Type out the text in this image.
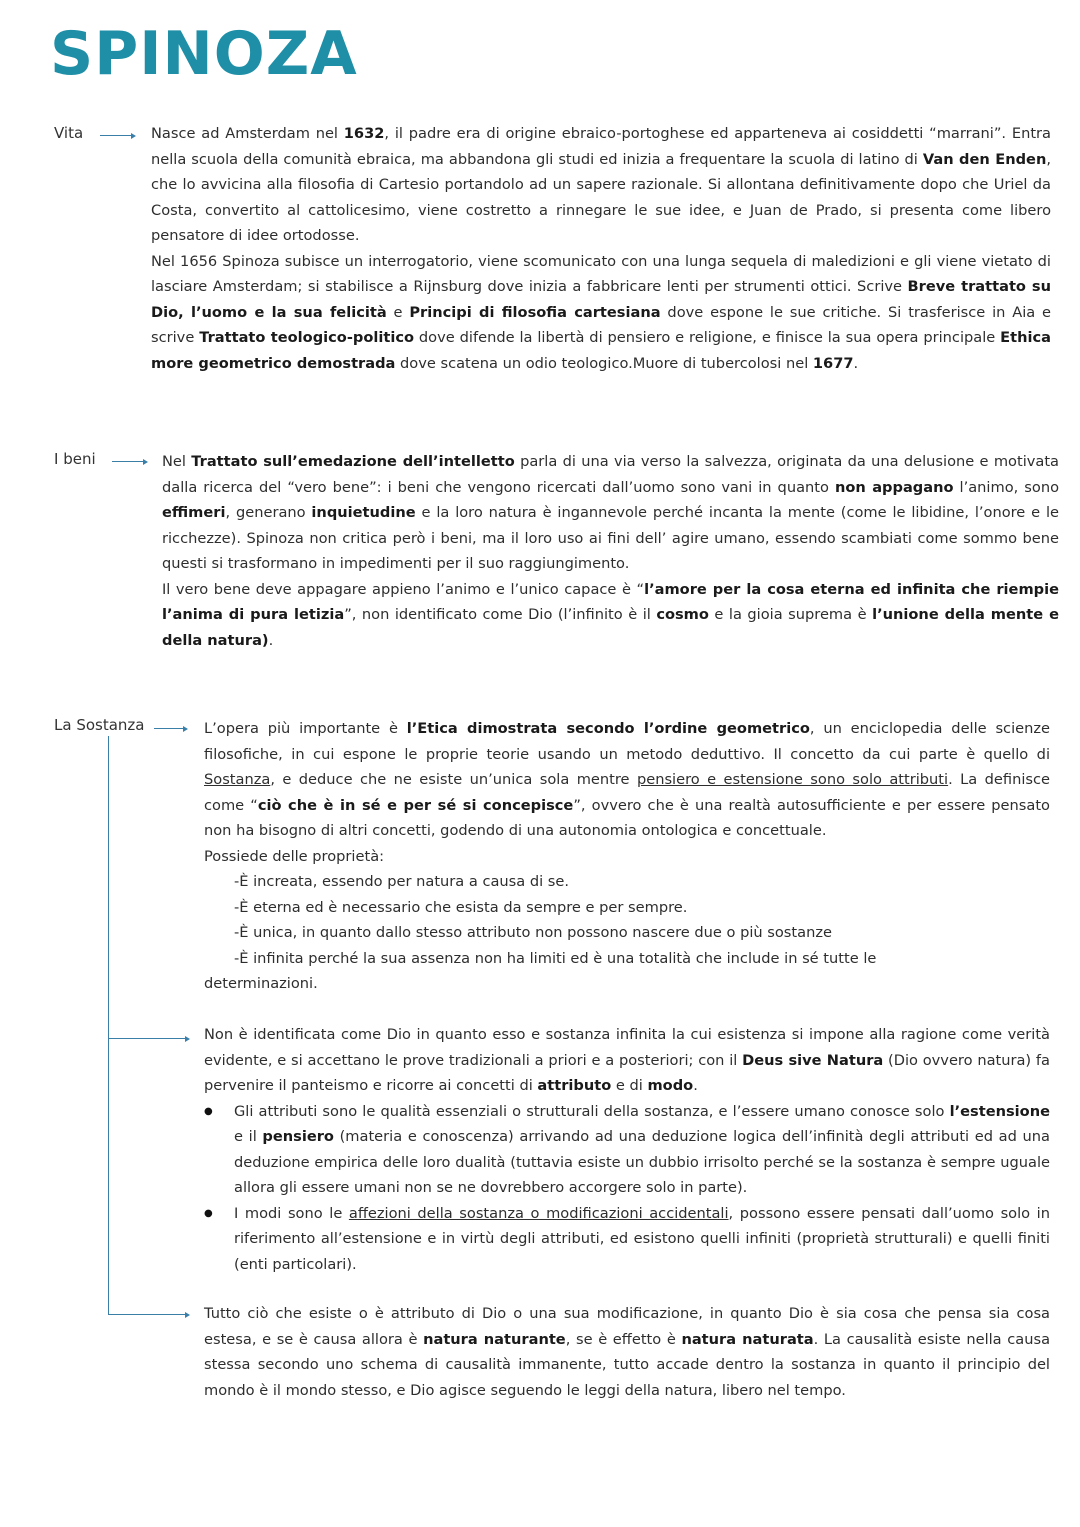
SPINOZA
Vita	Nasce ad Amsterdam nel 1632, il padre era di origine ebraico-portoghese ed apparteneva ai cosiddetti “marrani”. Entra nella scuola della comunità ebraica, ma abbandona gli studi ed inizia a frequentare la scuola di latino di Van den Enden, che lo avvicina alla filosofia di Cartesio portandolo ad un sapere razionale. Si allontana definitivamente dopo che Uriel da Costa, convertito al cattolicesimo, viene costretto a rinnegare le sue idee, e Juan de Prado, si presenta come libero pensatore di idee ortodosse.

Nel 1656 Spinoza subisce un interrogatorio, viene scomunicato con una lunga sequela di maledizioni e gli viene vietato di lasciare Amsterdam; si stabilisce a Rijnsburg dove inizia a fabbricare lenti per strumenti ottici. Scrive Breve trattato su Dio, l’uomo e la sua felicità e Principi di filosofia cartesiana dove espone le sue critiche. Si trasferisce in Aia e scrive Trattato teologico-politico dove difende la libertà di pensiero e religione, e finisce la sua opera principale Ethica more geometrico demostrada dove scatena un odio teologico.Muore di tubercolosi nel 1677.

I beni	Nel Trattato sull’emedazione dell’intelletto parla di una via verso la salvezza, originata da una delusione e motivata dalla ricerca del “vero bene”: i beni che vengono ricercati dall’uomo sono vani in quanto non appagano l’animo, sono effimeri, generano inquietudine e la loro natura è ingannevole perché incanta la mente (come le libidine, l’onore e le ricchezze). Spinoza non critica però i beni, ma il loro uso ai fini dell’ agire umano, essendo scambiati come sommo bene questi si trasformano in impedimenti per il suo raggiungimento.

Il vero bene deve appagare appieno l’animo e l’unico capace è “l’amore per la cosa eterna ed infinita che riempie l’anima di pura letizia”, non identificato come Dio (l’infinito è il cosmo e la gioia suprema è l’unione della mente e della natura).

La Sostanza	L’opera più importante è l’Etica dimostrata secondo l’ordine geometrico, un enciclopedia delle scienze filosofiche, in cui espone le proprie teorie usando un metodo deduttivo. Il concetto da cui parte è quello di Sostanza, e deduce che ne esiste un’unica sola mentre pensiero e estensione sono solo attributi. La definisce come “ciò che è in sé e per sé si concepisce”, ovvero che è una realtà autosufficiente e per essere pensato non ha bisogno di altri concetti, godendo di una autonomia ontologica e concettuale.

Possiede delle proprietà:

-È increata, essendo per natura a causa di se.
-È eterna ed è necessario che esista da sempre e per sempre.
-È unica, in quanto dallo stesso attributo non possono nascere due o più sostanze
-È infinita perché la sua assenza non ha limiti ed è una totalità che include in sé tutte le

determinazioni.

Non è identificata come Dio in quanto esso e sostanza infinita la cui esistenza si impone alla ragione come verità evidente, e si accettano le prove tradizionali a priori e a posteriori; con il Deus sive Natura (Dio ovvero natura) fa pervenire il panteismo e ricorre ai concetti di attributo e di modo.

● Gli attributi sono le qualità essenziali o strutturali della sostanza, e l’essere umano conosce solo l’estensione e il pensiero (materia e conoscenza) arrivando ad una deduzione logica dell’infinità degli attributi ed ad una deduzione empirica delle loro dualità (tuttavia esiste un dubbio irrisolto perché se la sostanza è sempre uguale allora gli essere umani non se ne dovrebbero accorgere solo in parte).
● I modi sono le affezioni della sostanza o modificazioni accidentali, possono essere pensati dall’uomo solo in riferimento all’estensione e in virtù degli attributi, ed esistono quelli infiniti (proprietà strutturali) e quelli finiti (enti particolari).

Tutto ciò che esiste o è attributo di Dio o una sua modificazione, in quanto Dio è sia cosa che pensa sia cosa estesa, e se è causa allora è natura naturante, se è effetto è natura naturata. La causalità esiste nella causa stessa secondo uno schema di causalità immanente, tutto accade dentro la sostanza in quanto il principio del mondo è il mondo stesso, e Dio agisce seguendo le leggi della natura, libero nel tempo.
